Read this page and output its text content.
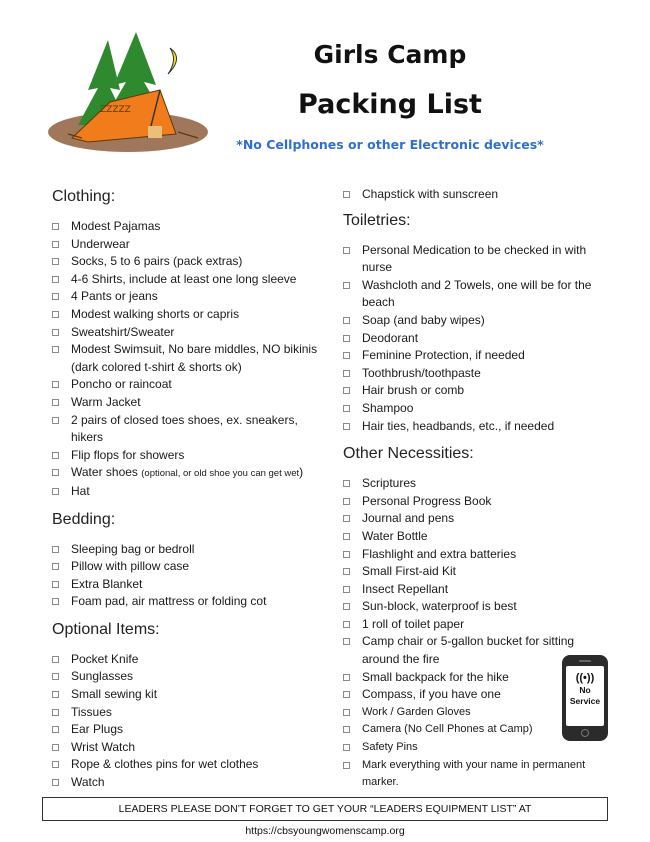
ZZZZZ
Girls Camp
Packing List
*No Cellphones or other Electronic devices*
Clothing:
Modest Pajamas
Underwear
Socks, 5 to 6 pairs (pack extras)
4-6 Shirts, include at least one long sleeve
4 Pants or jeans
Modest walking shorts or capris
Sweatshirt/Sweater
Modest Swimsuit, No bare middles, NO bikinis (dark colored t-shirt & shorts ok)
Poncho or raincoat
Warm Jacket
2 pairs of closed toes shoes, ex. sneakers, hikers
Flip flops for showers
Water shoes (optional, or old shoe you can get wet)
Hat
Bedding:
Sleeping bag or bedroll
Pillow with pillow case
Extra Blanket
Foam pad, air mattress or folding cot
Optional Items:
Pocket Knife
Sunglasses
Small sewing kit
Tissues
Ear Plugs
Wrist Watch
Rope & clothes pins for wet clothes
Watch
Chapstick with sunscreen
Toiletries:
Personal Medication to be checked in with nurse
Washcloth and 2 Towels, one will be for the beach
Soap (and baby wipes)
Deodorant
Feminine Protection, if needed
Toothbrush/toothpaste
Hair brush or comb
Shampoo
Hair ties, headbands, etc., if needed
Other Necessities:
Scriptures
Personal Progress Book
Journal and pens
Water Bottle
Flashlight and extra batteries
Small First-aid Kit
Insect Repellant
Sun-block, waterproof is best
1 roll of toilet paper
Camp chair or 5-gallon bucket for sitting around the fire
Small backpack for the hike
Compass, if you have one
Work / Garden Gloves
Camera (No Cell Phones at Camp)
Safety Pins
Mark everything with your name in permanent marker.
((•))
No
Service
LEADERS PLEASE DON’T FORGET TO GET YOUR “LEADERS EQUIPMENT LIST” AT https://cbsyoungwomenscamp.org
